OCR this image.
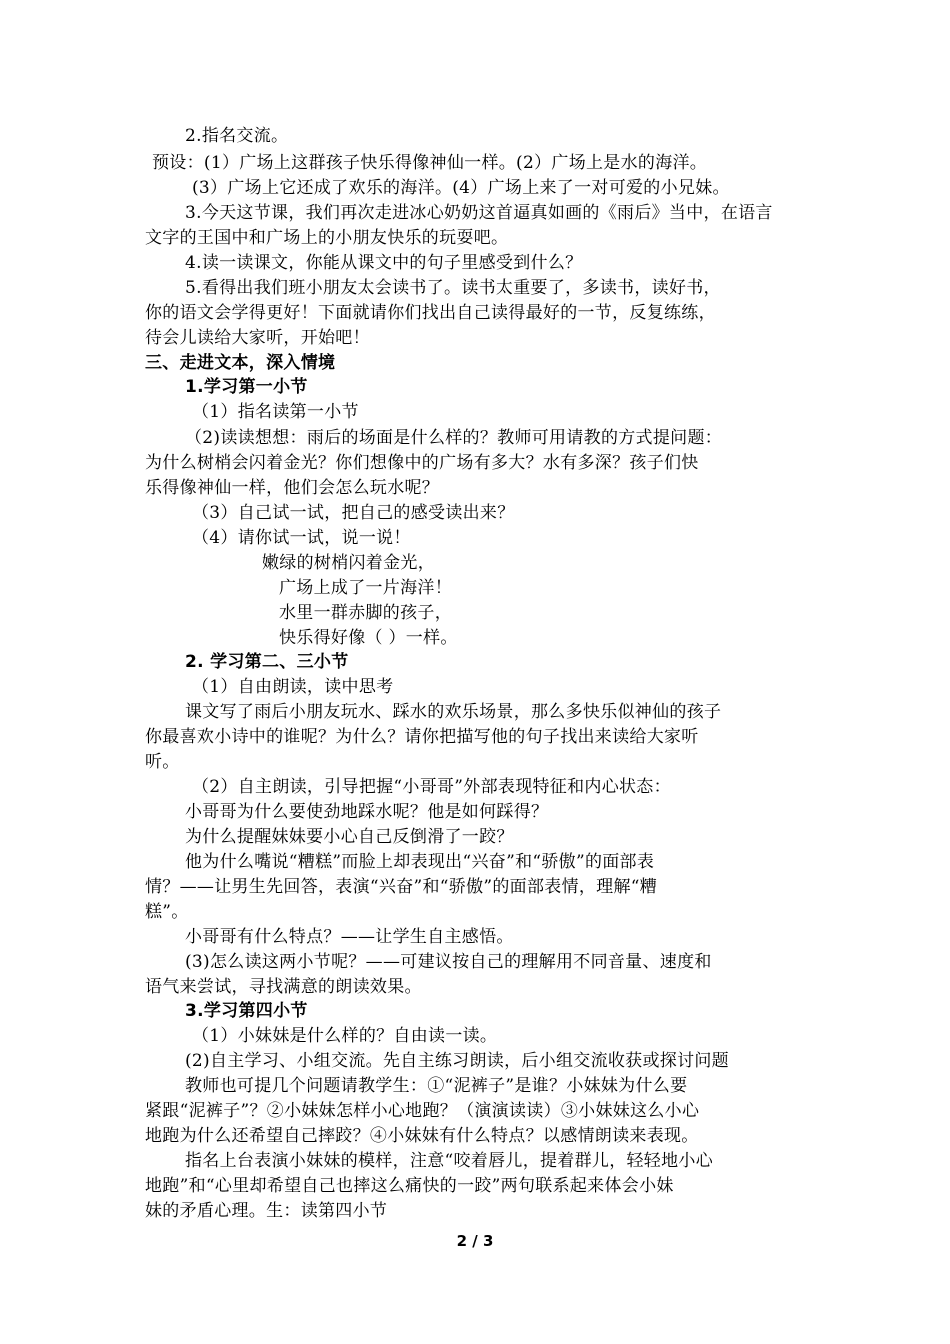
2.指名交流。
预设：(1）广场上这群孩子快乐得像神仙一样。(2）广场上是水的海洋。
(3）广场上它还成了欢乐的海洋。(4）广场上来了一对可爱的小兄妹。
3.今天这节课，我们再次走进冰心奶奶这首逼真如画的《雨后》当中，在语言
文字的王国中和广场上的小朋友快乐的玩耍吧。
4.读一读课文，你能从课文中的句子里感受到什么？
5.看得出我们班小朋友太会读书了。读书太重要了，多读书，读好书，
你的语文会学得更好！下面就请你们找出自己读得最好的一节，反复练练，
待会儿读给大家听，开始吧！
三、走进文本，深入情境
1.学习第一小节
（1）指名读第一小节
（2)读读想想：雨后的场面是什么样的？教师可用请教的方式提问题：
为什么树梢会闪着金光？你们想像中的广场有多大？水有多深？孩子们快
乐得像神仙一样，他们会怎么玩水呢？
（3）自己试一试，把自己的感受读出来？
（4）请你试一试，说一说！
嫩绿的树梢闪着金光，
广场上成了一片海洋！
水里一群赤脚的孩子，
快乐得好像（ ）一样。
2. 学习第二、三小节
（1）自由朗读，读中思考
课文写了雨后小朋友玩水、踩水的欢乐场景，那么多快乐似神仙的孩子
你最喜欢小诗中的谁呢？为什么？请你把描写他的句子找出来读给大家听
听。
（2）自主朗读，引导把握“小哥哥”外部表现特征和内心状态：
小哥哥为什么要使劲地踩水呢？他是如何踩得？
为什么提醒妹妹要小心自己反倒滑了一跤？
他为什么嘴说“糟糕”而脸上却表现出“兴奋”和“骄傲”的面部表
情？——让男生先回答，表演“兴奋”和“骄傲”的面部表情，理解“糟
糕”。
小哥哥有什么特点？——让学生自主感悟。
(3)怎么读这两小节呢？——可建议按自己的理解用不同音量、速度和
语气来尝试，寻找满意的朗读效果。
3.学习第四小节
（1）小妹妹是什么样的？自由读一读。
(2)自主学习、小组交流。先自主练习朗读，后小组交流收获或探讨问题
教师也可提几个问题请教学生：①“泥裤子”是谁？小妹妹为什么要
紧跟“泥裤子”？②小妹妹怎样小心地跑？（演演读读）③小妹妹这么小心
地跑为什么还希望自己摔跤？④小妹妹有什么特点？以感情朗读来表现。
指名上台表演小妹妹的模样，注意“咬着唇儿，提着群儿，轻轻地小心
地跑”和“心里却希望自己也摔这么痛快的一跤”两句联系起来体会小妹
妹的矛盾心理。生：读第四小节
2 / 3
